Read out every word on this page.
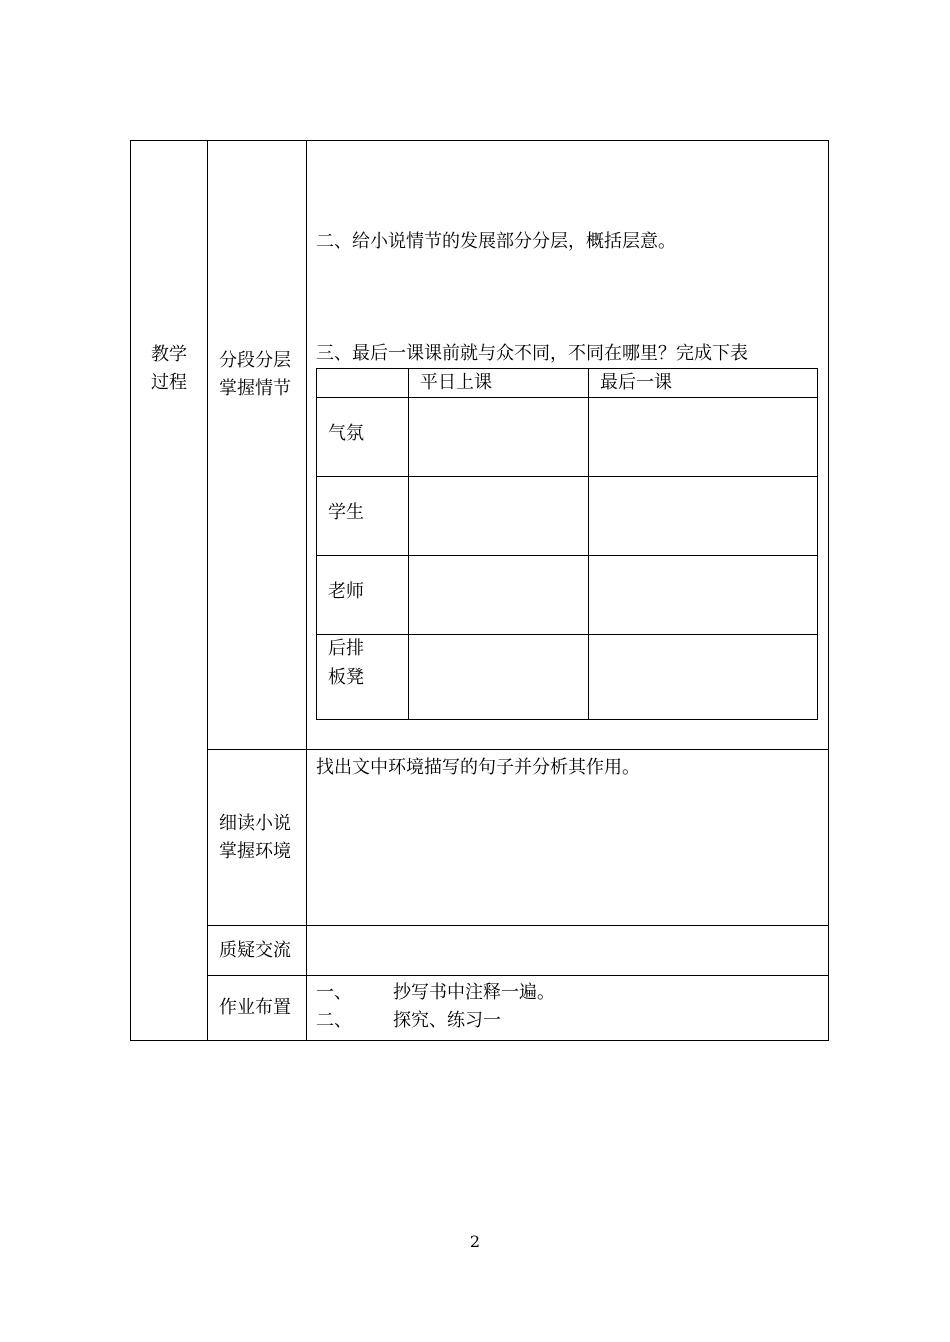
教学
过程
分段分层
掌握情节
二、给小说情节的发展部分分层，概括层意。
三、最后一课课前就与众不同，不同在哪里？完成下表
平日上课	最后一课
气氛
学生
老师
后排
板凳
细读小说
掌握环境
找出文中环境描写的句子并分析其作用。
质疑交流
作业布置
一、 抄写书中注释一遍。
二、 探究、练习一
2
